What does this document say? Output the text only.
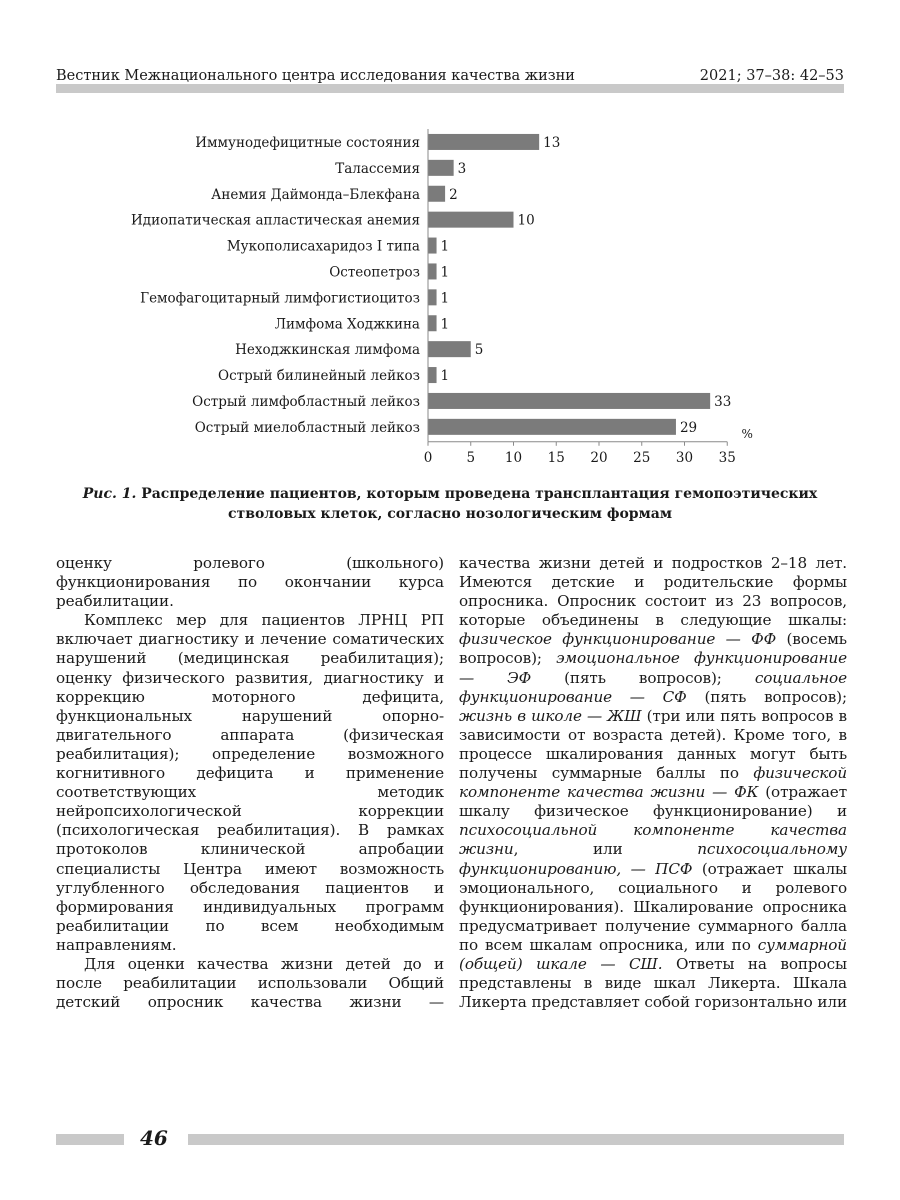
Вестник Межнационального центра исследования качества жизни	2021; 37–38: 42–53
Иммунодефицитные состояния	13
Талассемия	3
Анемия Даймонда–Блекфана 2
Идиопатическая апластическая анемия	10
Мукополисахаридоз I типа 1
Остеопетроз 1
Гемофагоцитарный лимфогистиоцитоз 1
Лимфома Ходжкина 1
Неходжкинская лимфома	5
Острый билинейный лейкоз 1
Острый лимфобластный лейкоз	33
Острый миелобластный лейкоз	29
0	5 10 15 20 25 30 35
%
Рис. 1. Распределение пациентов, которым проведена трансплантация гемопоэтических стволовых клеток, согласно нозологическим формам

оценку ролевого (школьного) функционирования по окончании курса реабилитации.

Комплекс мер для пациентов ЛРНЦ РП включает диагностику и лечение соматических нарушений (медицинская реабилитация); оценку физического развития, диагностику и коррекцию моторного дефицита, функциональных нарушений опорно-двигательного аппарата (физическая реабилитация); определение возможного когнитивного дефицита и применение соответствующих методик нейропсихологической коррекции (психологическая реабилитация). В рамках протоколов клинической апробации специалисты Центра имеют возможность углубленного обследования пациентов и формирования индивидуальных программ реабилитации по всем необходимым направлениям.

Для оценки качества жизни детей до и после реабилитации использовали Общий детский опросник качества жизни —

качества жизни детей и подростков 2–18 лет. Имеются детские и родительские формы опросника. Опросник состоит из 23 вопросов, которые объединены в следующие шкалы: физическое функционирование — ФФ (восемь вопросов); эмоциональное функционирование — ЭФ (пять вопросов); социальное функционирование — СФ (пять вопросов); жизнь в школе — ЖШ (три или пять вопросов в зависимости от возраста детей). Кроме того, в процессе шкалирования данных могут быть получены суммарные баллы по физической компоненте качества жизни — ФК (отражает шкалу физическое функционирование) и психосоциальной компоненте качества жизни, или психосоциальному функционированию, — ПСФ (отражает шкалы эмоционального, социального и ролевого функционирования). Шкалирование опросника предусматривает получение суммарного балла по всем шкалам опросника, или по суммарной (общей) шкале — СШ. Ответы на вопросы представлены в виде шкал Ликерта. Шкала Ликерта представляет собой горизонтально или

46
